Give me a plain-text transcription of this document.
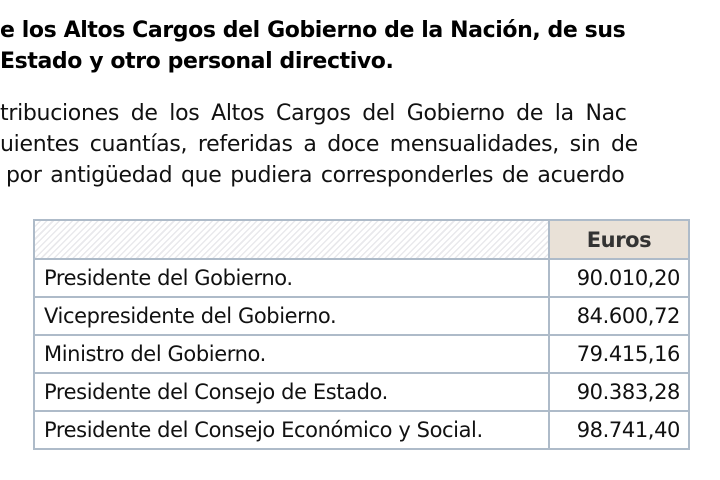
e los Altos Cargos del Gobierno de la Nación, de sus
Estado y otro personal directivo.
tribuciones de los Altos Cargos del Gobierno de la Nac
uientes cuantías, referidas a doce mensualidades, sin de
por antigüedad que pudiera corresponderles de acuerdo
	Euros
Presidente del Gobierno.	90.010,20
Vicepresidente del Gobierno.	84.600,72
Ministro del Gobierno.	79.415,16
Presidente del Consejo de Estado.	90.383,28
Presidente del Consejo Económico y Social.	98.741,40
